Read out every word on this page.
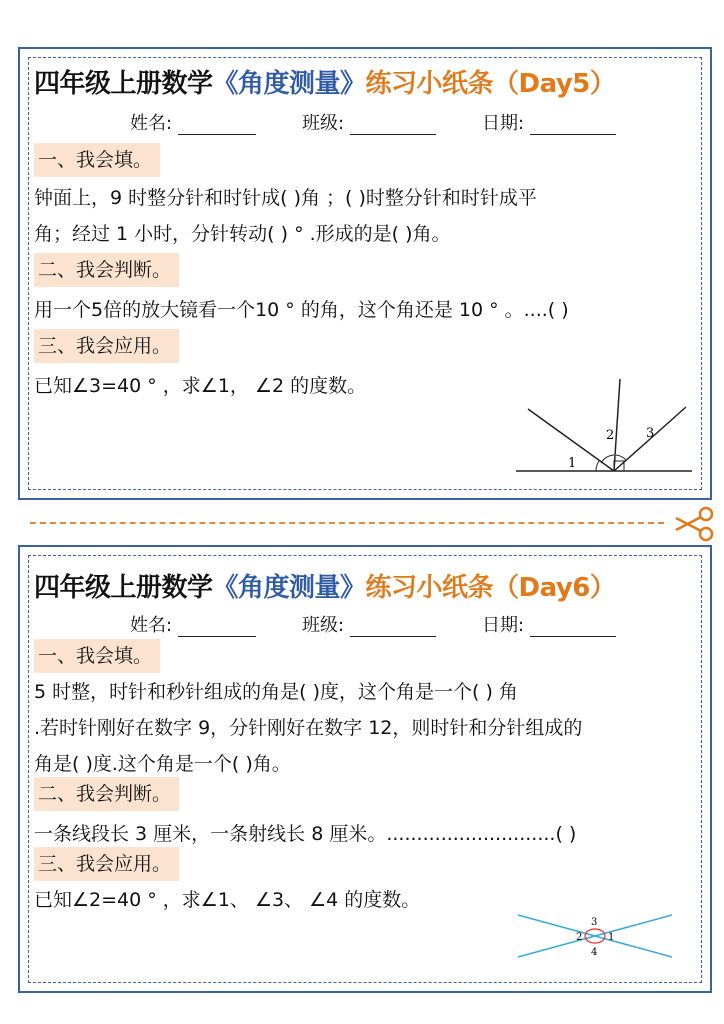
四年级上册数学《角度测量》练习小纸条（Day5）
姓名:	班级:	日期:
一、我会填。
钟面上，9 时整分针和时针成( )角 ；( )时整分针和时针成平
角；经过 1 小时，分针转动( ) ° .形成的是( )角。
二、我会判断。
用一个5倍的放大镜看一个10 ° 的角，这个角还是 10 ° 。....( )
三、我会应用。
已知∠3=40 ° ，求∠1， ∠2 的度数。
1
2 3
四年级上册数学《角度测量》练习小纸条（Day6）
姓名:	班级:	日期:
一、我会填。
5 时整，时针和秒针组成的角是( )度，这个角是一个( ) 角
.若时针刚好在数字 9，分针刚好在数字 12，则时针和分针组成的
角是( )度.这个角是一个( )角。
二、我会判断。
一条线段长 3 厘米，一条射线长 8 厘米。............................( )
三、我会应用。
已知∠2=40 ° ，求∠1、 ∠3、 ∠4 的度数。
3
2	1
4
